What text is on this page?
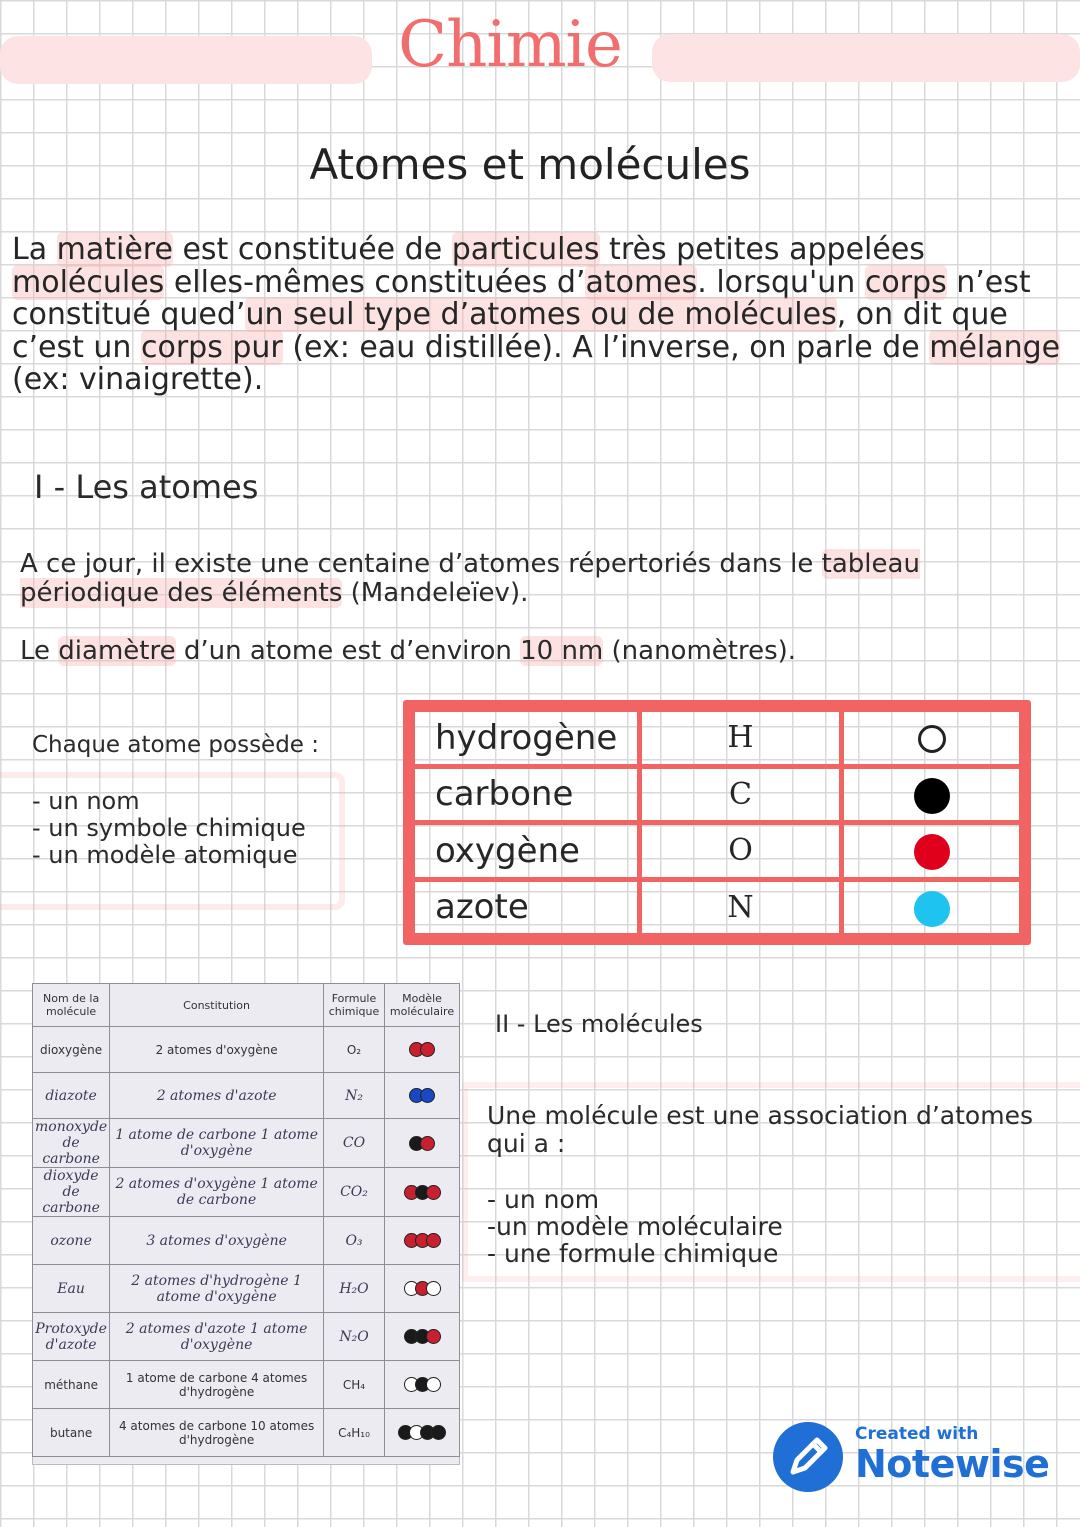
Chimie
Atomes et molécules
La matière est constituée de particules très petites appelées molécules elles-mêmes constituées d’atomes. lorsqu'un corps n’est constitué qued’un seul type d’atomes ou de molécules, on dit que c’est un corps pur (ex: eau distillée). A l’inverse, on parle de mélange (ex: vinaigrette).
I - Les atomes
A ce jour, il existe une centaine d’atomes répertoriés dans le tableau périodique des éléments (Mandeleïev).
Le diamètre d’un atome est d’environ 10 nm (nanomètres).
Chaque atome possède :
- un nom
- un symbole chimique
- un modèle atomique
hydrogène	H	
carbone	C	
oxygène	O	
azote	N	
Nom de la molécule	Constitution	Formule chimique	Modèle moléculaire
dioxygène	2 atomes d'oxygène	O₂	
diazote	2 atomes d'azote	N₂	
monoxyde de carbone	1 atome de carbone 1 atome d'oxygène	CO	
dioxyde de carbone	2 atomes d'oxygène 1 atome de carbone	CO₂	
ozone	3 atomes d'oxygène	O₃	
Eau	2 atomes d'hydrogène 1 atome d'oxygène	H₂O	
Protoxyde d'azote	2 atomes d'azote 1 atome d'oxygène	N₂O	
méthane	1 atome de carbone 4 atomes d'hydrogène	CH₄	
butane	4 atomes de carbone 10 atomes d'hydrogène	C₄H₁₀	
II - Les molécules
Une molécule est une association d’atomes qui a :
- un nom
-un modèle moléculaire
- une formule chimique
Created with
Notewise
